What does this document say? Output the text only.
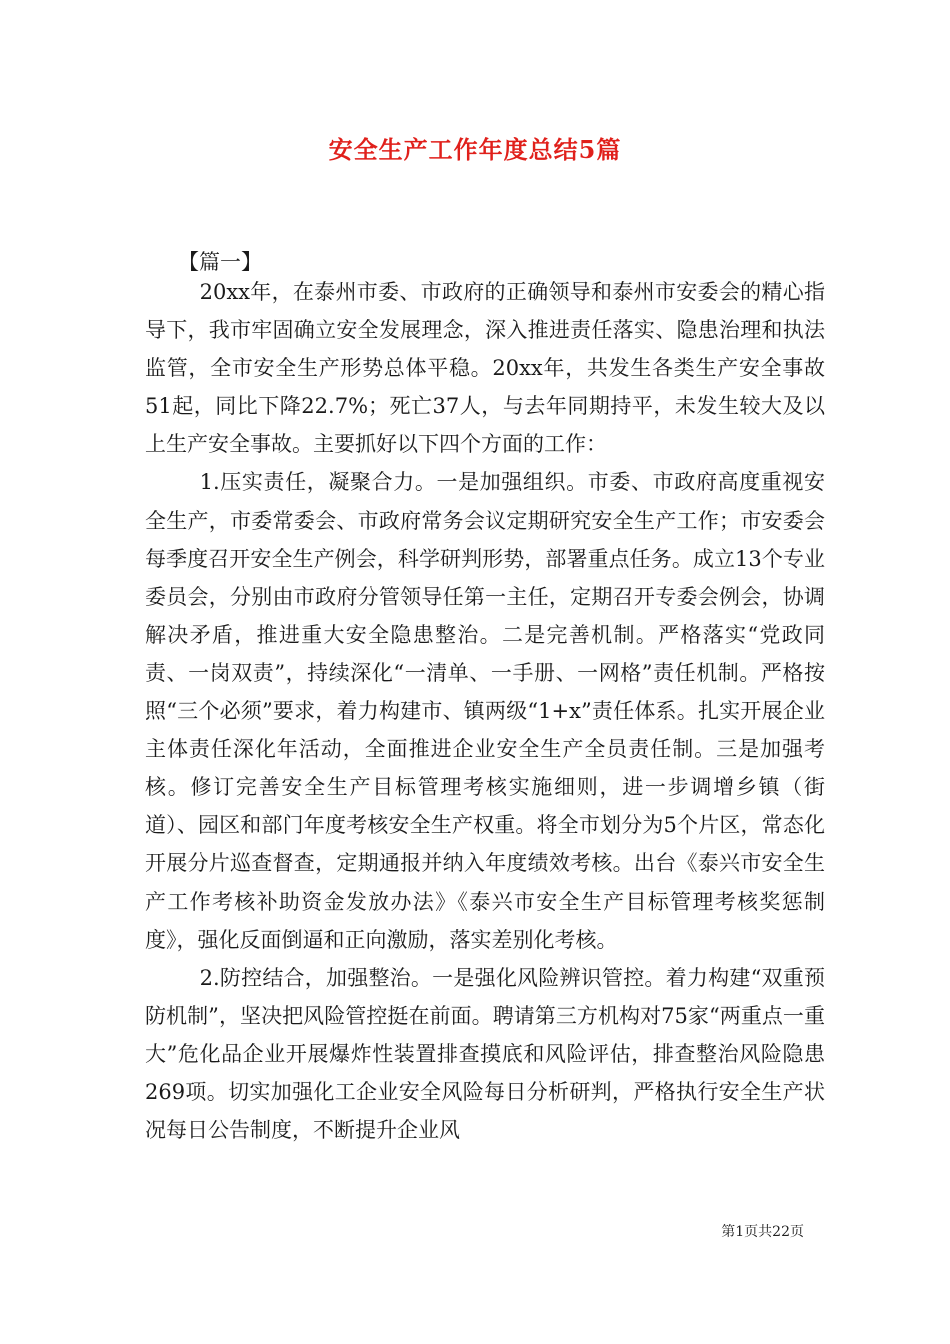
安全生产工作年度总结5篇
【篇一】

20xx年，在泰州市委、市政府的正确领导和泰州市安委会的精心指导下，我市牢固确立安全发展理念，深入推进责任落实、隐患治理和执法监管，全市安全生产形势总体平稳。20xx年，共发生各类生产安全事故51起，同比下降22.7%；死亡37人，与去年同期持平，未发生较大及以上生产安全事故。主要抓好以下四个方面的工作：

1.压实责任，凝聚合力。一是加强组织。市委、市政府高度重视安全生产，市委常委会、市政府常务会议定期研究安全生产工作；市安委会每季度召开安全生产例会，科学研判形势，部署重点任务。成立13个专业委员会，分别由市政府分管领导任第一主任，定期召开专委会例会，协调解决矛盾，推进重大安全隐患整治。二是完善机制。严格落实“党政同责、一岗双责”，持续深化“一清单、一手册、一网格”责任机制。严格按照“三个必须”要求，着力构建市、镇两级“1+x”责任体系。扎实开展企业主体责任深化年活动，全面推进企业安全生产全员责任制。三是加强考核。修订完善安全生产目标管理考核实施细则，进一步调增乡镇（街道）、园区和部门年度考核安全生产权重。将全市划分为5个片区，常态化开展分片巡查督查，定期通报并纳入年度绩效考核。出台《泰兴市安全生产工作考核补助资金发放办法》《泰兴市安全生产目标管理考核奖惩制度》，强化反面倒逼和正向激励，落实差别化考核。

2.防控结合，加强整治。一是强化风险辨识管控。着力构建“双重预防机制”，坚决把风险管控挺在前面。聘请第三方机构对75家“两重点一重大”危化品企业开展爆炸性装置排查摸底和风险评估，排查整治风险隐患269项。切实加强化工企业安全风险每日分析研判，严格执行安全生产状况每日公告制度，不断提升企业风

第1页共22页
